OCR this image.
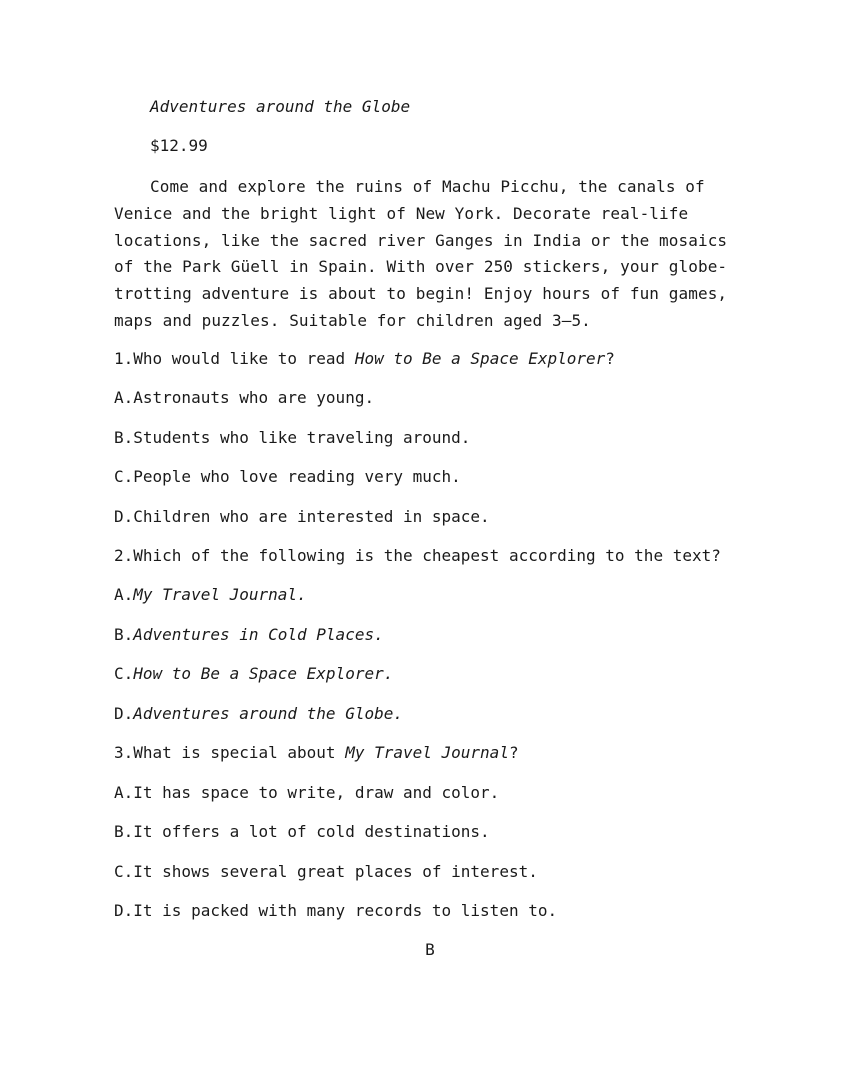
Adventures around the Globe
$12.99
Come and explore the ruins of Machu Picchu, the canals of Venice and the bright light of New York. Decorate real-life locations, like the sacred river Ganges in India or the mosaics of the Park Güell in Spain. With over 250 stickers, your globe-trotting adventure is about to begin! Enjoy hours of fun games, maps and puzzles. Suitable for children aged 3—5.
1.Who would like to read How to Be a Space Explorer?
A.Astronauts who are young.
B.Students who like traveling around.
C.People who love reading very much.
D.Children who are interested in space.
2.Which of the following is the cheapest according to the text?
A.My Travel Journal.
B.Adventures in Cold Places.
C.How to Be a Space Explorer.
D.Adventures around the Globe.
3.What is special about My Travel Journal?
A.It has space to write, draw and color.
B.It offers a lot of cold destinations.
C.It shows several great places of interest.
D.It is packed with many records to listen to.
B
